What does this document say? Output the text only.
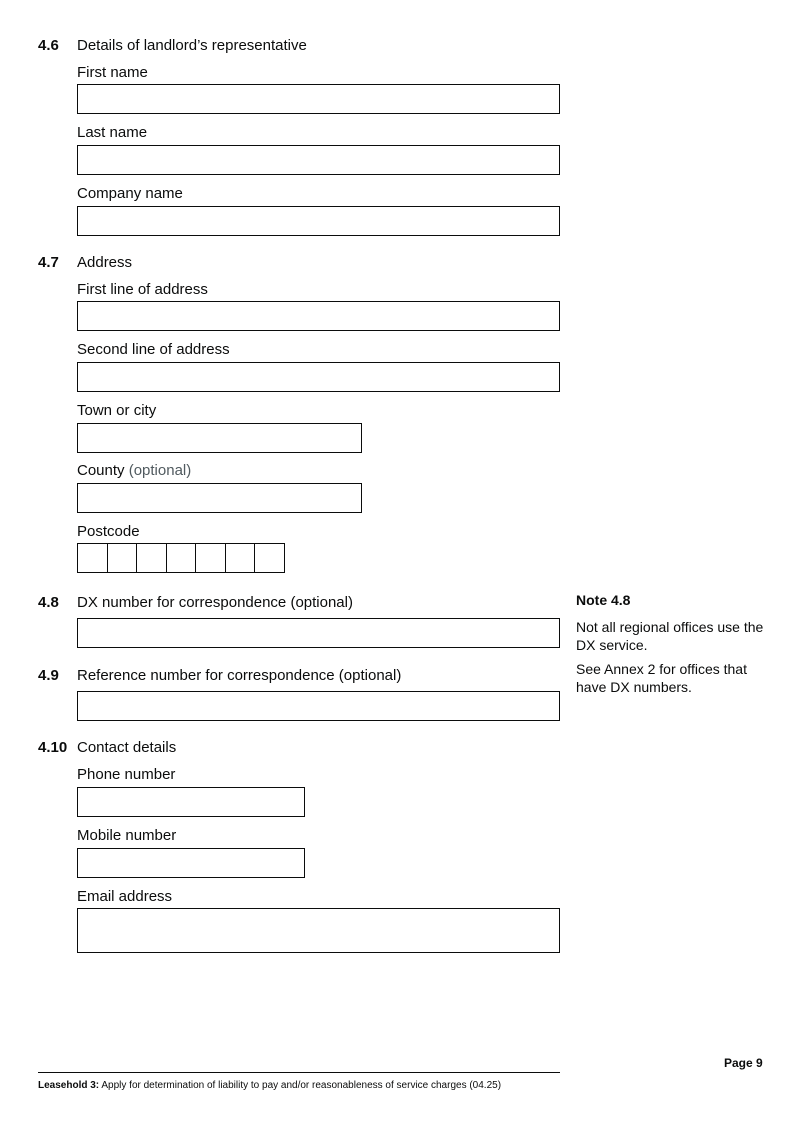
4.6 Details of landlord’s representative
First name
Last name
Company name
4.7 Address
First line of address
Second line of address
Town or city
County (optional)
Postcode
4.8 DX number for correspondence (optional)	Note 4.8
Not all regional offices use the DX service.
See Annex 2 for offices that have DX numbers.
4.9 Reference number for correspondence (optional)
4.10 Contact details
Phone number
Mobile number
Email address
Page 9
Leasehold 3: Apply for determination of liability to pay and/or reasonableness of service charges (04.25)
